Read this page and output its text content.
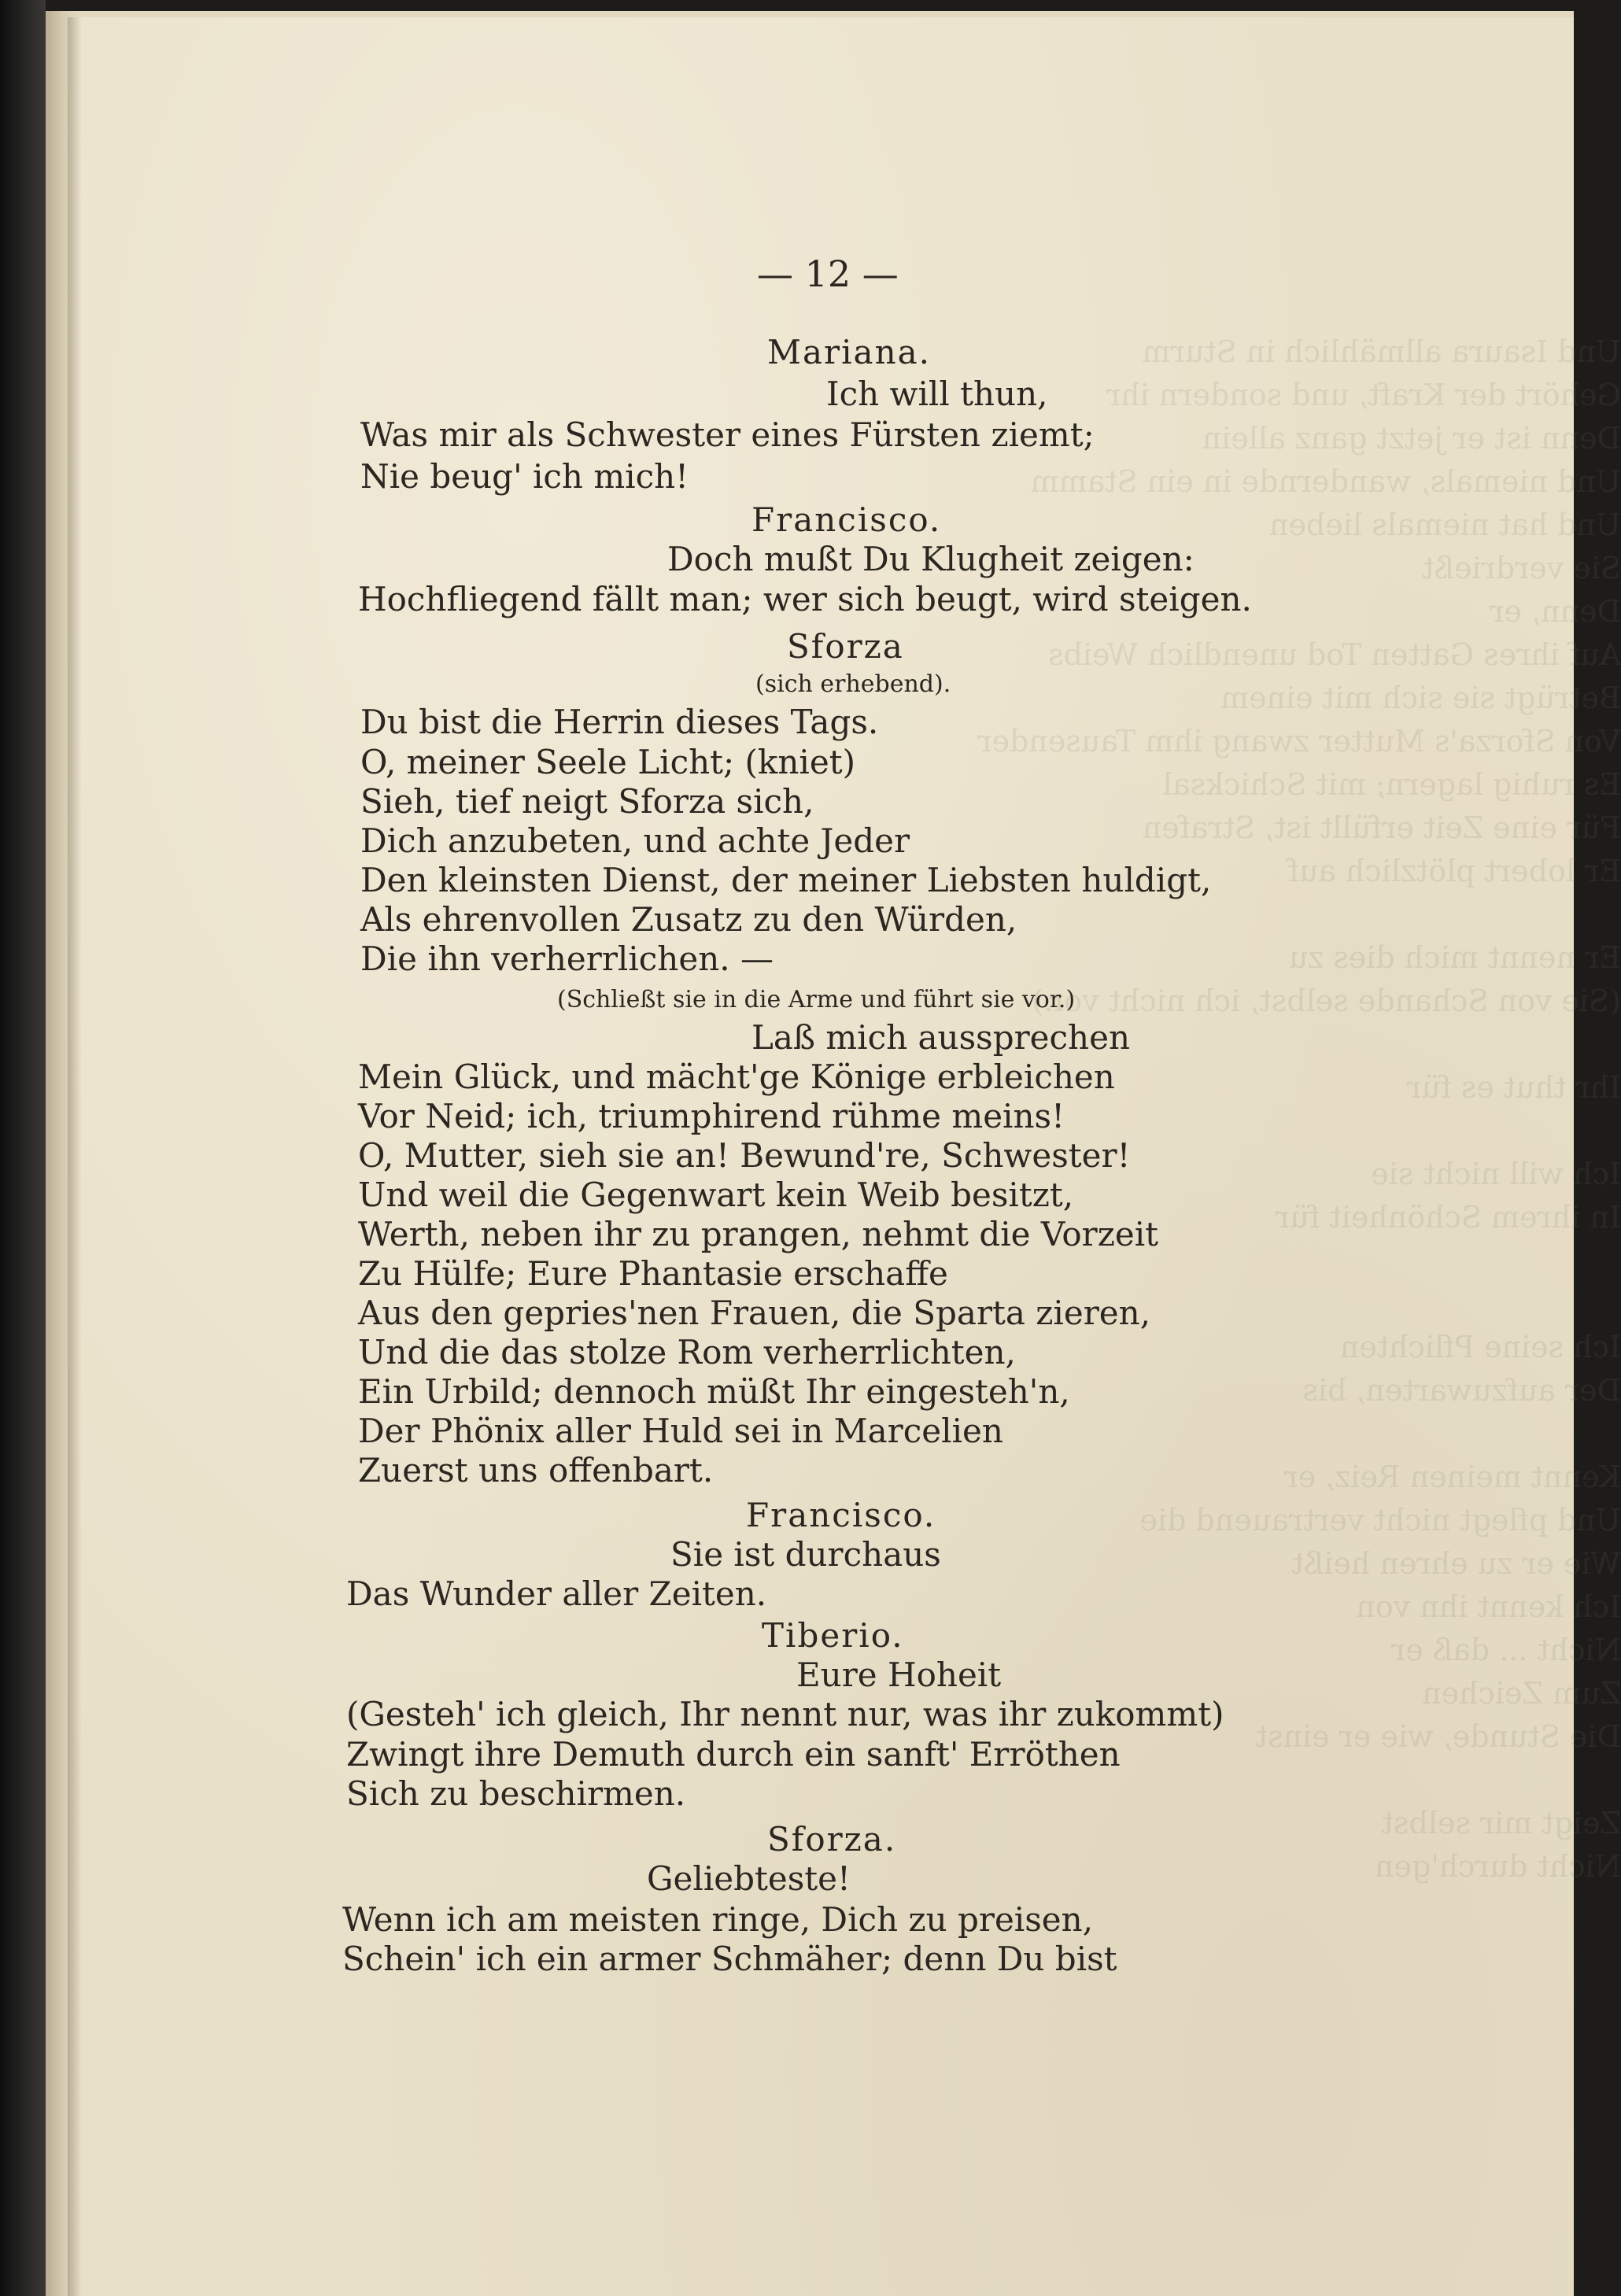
Und Isaura allmählich in Sturm
Gehört der Kraft, und sondern ihr
Denn ist er jetzt ganz allein
Und niemals, wandernde in ein Stamm
Und hat niemals lieben
Sie verdrießt
Denn, er
Auf ihres Gatten Tod unendlich Weibs
Betrügt sie sich mit einem
Von Sforza's Mutter zwang ihm Tausender
Es ruhig lagern; mit Schicksal
Für eine Zeit erfüllt ist, Strafen
Er lobert plötzlich auf

Er nennt mich dies zu
(Sie von Schande selbst, ich nicht vor.)

Ihr thut es für

Ich will nicht sie
In ihrem Schönheit für

Ich seine Pflichten
Der aufzuwarten, bis

Kennt meinen Reiz, er
Und pflegt nicht vertrauend die
Wie er zu ehren heißt
Ich kennt ihn von
Nicht ... daß er
Zum Zeichen
Die Stunde, wie er einst

Zeigt mir selbst
Nicht durch'gen
— 12 —
Mariana.
Ich will thun,
Was mir als Schwester eines Fürsten ziemt;
Nie beug' ich mich!
Francisco.
Doch mußt Du Klugheit zeigen:
Hochfliegend fällt man; wer sich beugt, wird steigen.
Sforza
(sich erhebend).
Du bist die Herrin dieses Tags.
O, meiner Seele Licht; (kniet)
Sieh, tief neigt Sforza sich,
Dich anzubeten, und achte Jeder
Den kleinsten Dienst, der meiner Liebsten huldigt,
Als ehrenvollen Zusatz zu den Würden,
Die ihn verherrlichen. —
(Schließt sie in die Arme und führt sie vor.)
Laß mich aussprechen
Mein Glück, und mächt'ge Könige erbleichen
Vor Neid; ich, triumphirend rühme meins!
O, Mutter, sieh sie an! Bewund're, Schwester!
Und weil die Gegenwart kein Weib besitzt,
Werth, neben ihr zu prangen, nehmt die Vorzeit
Zu Hülfe; Eure Phantasie erschaffe
Aus den gepries'nen Frauen, die Sparta zieren,
Und die das stolze Rom verherrlichten,
Ein Urbild; dennoch müßt Ihr eingesteh'n,
Der Phönix aller Huld sei in Marcelien
Zuerst uns offenbart.
Francisco.
Sie ist durchaus
Das Wunder aller Zeiten.
Tiberio.
Eure Hoheit
(Gesteh' ich gleich, Ihr nennt nur, was ihr zukommt)
Zwingt ihre Demuth durch ein sanft' Erröthen
Sich zu beschirmen.
Sforza.
Geliebteste!
Wenn ich am meisten ringe, Dich zu preisen,
Schein' ich ein armer Schmäher; denn Du bist
